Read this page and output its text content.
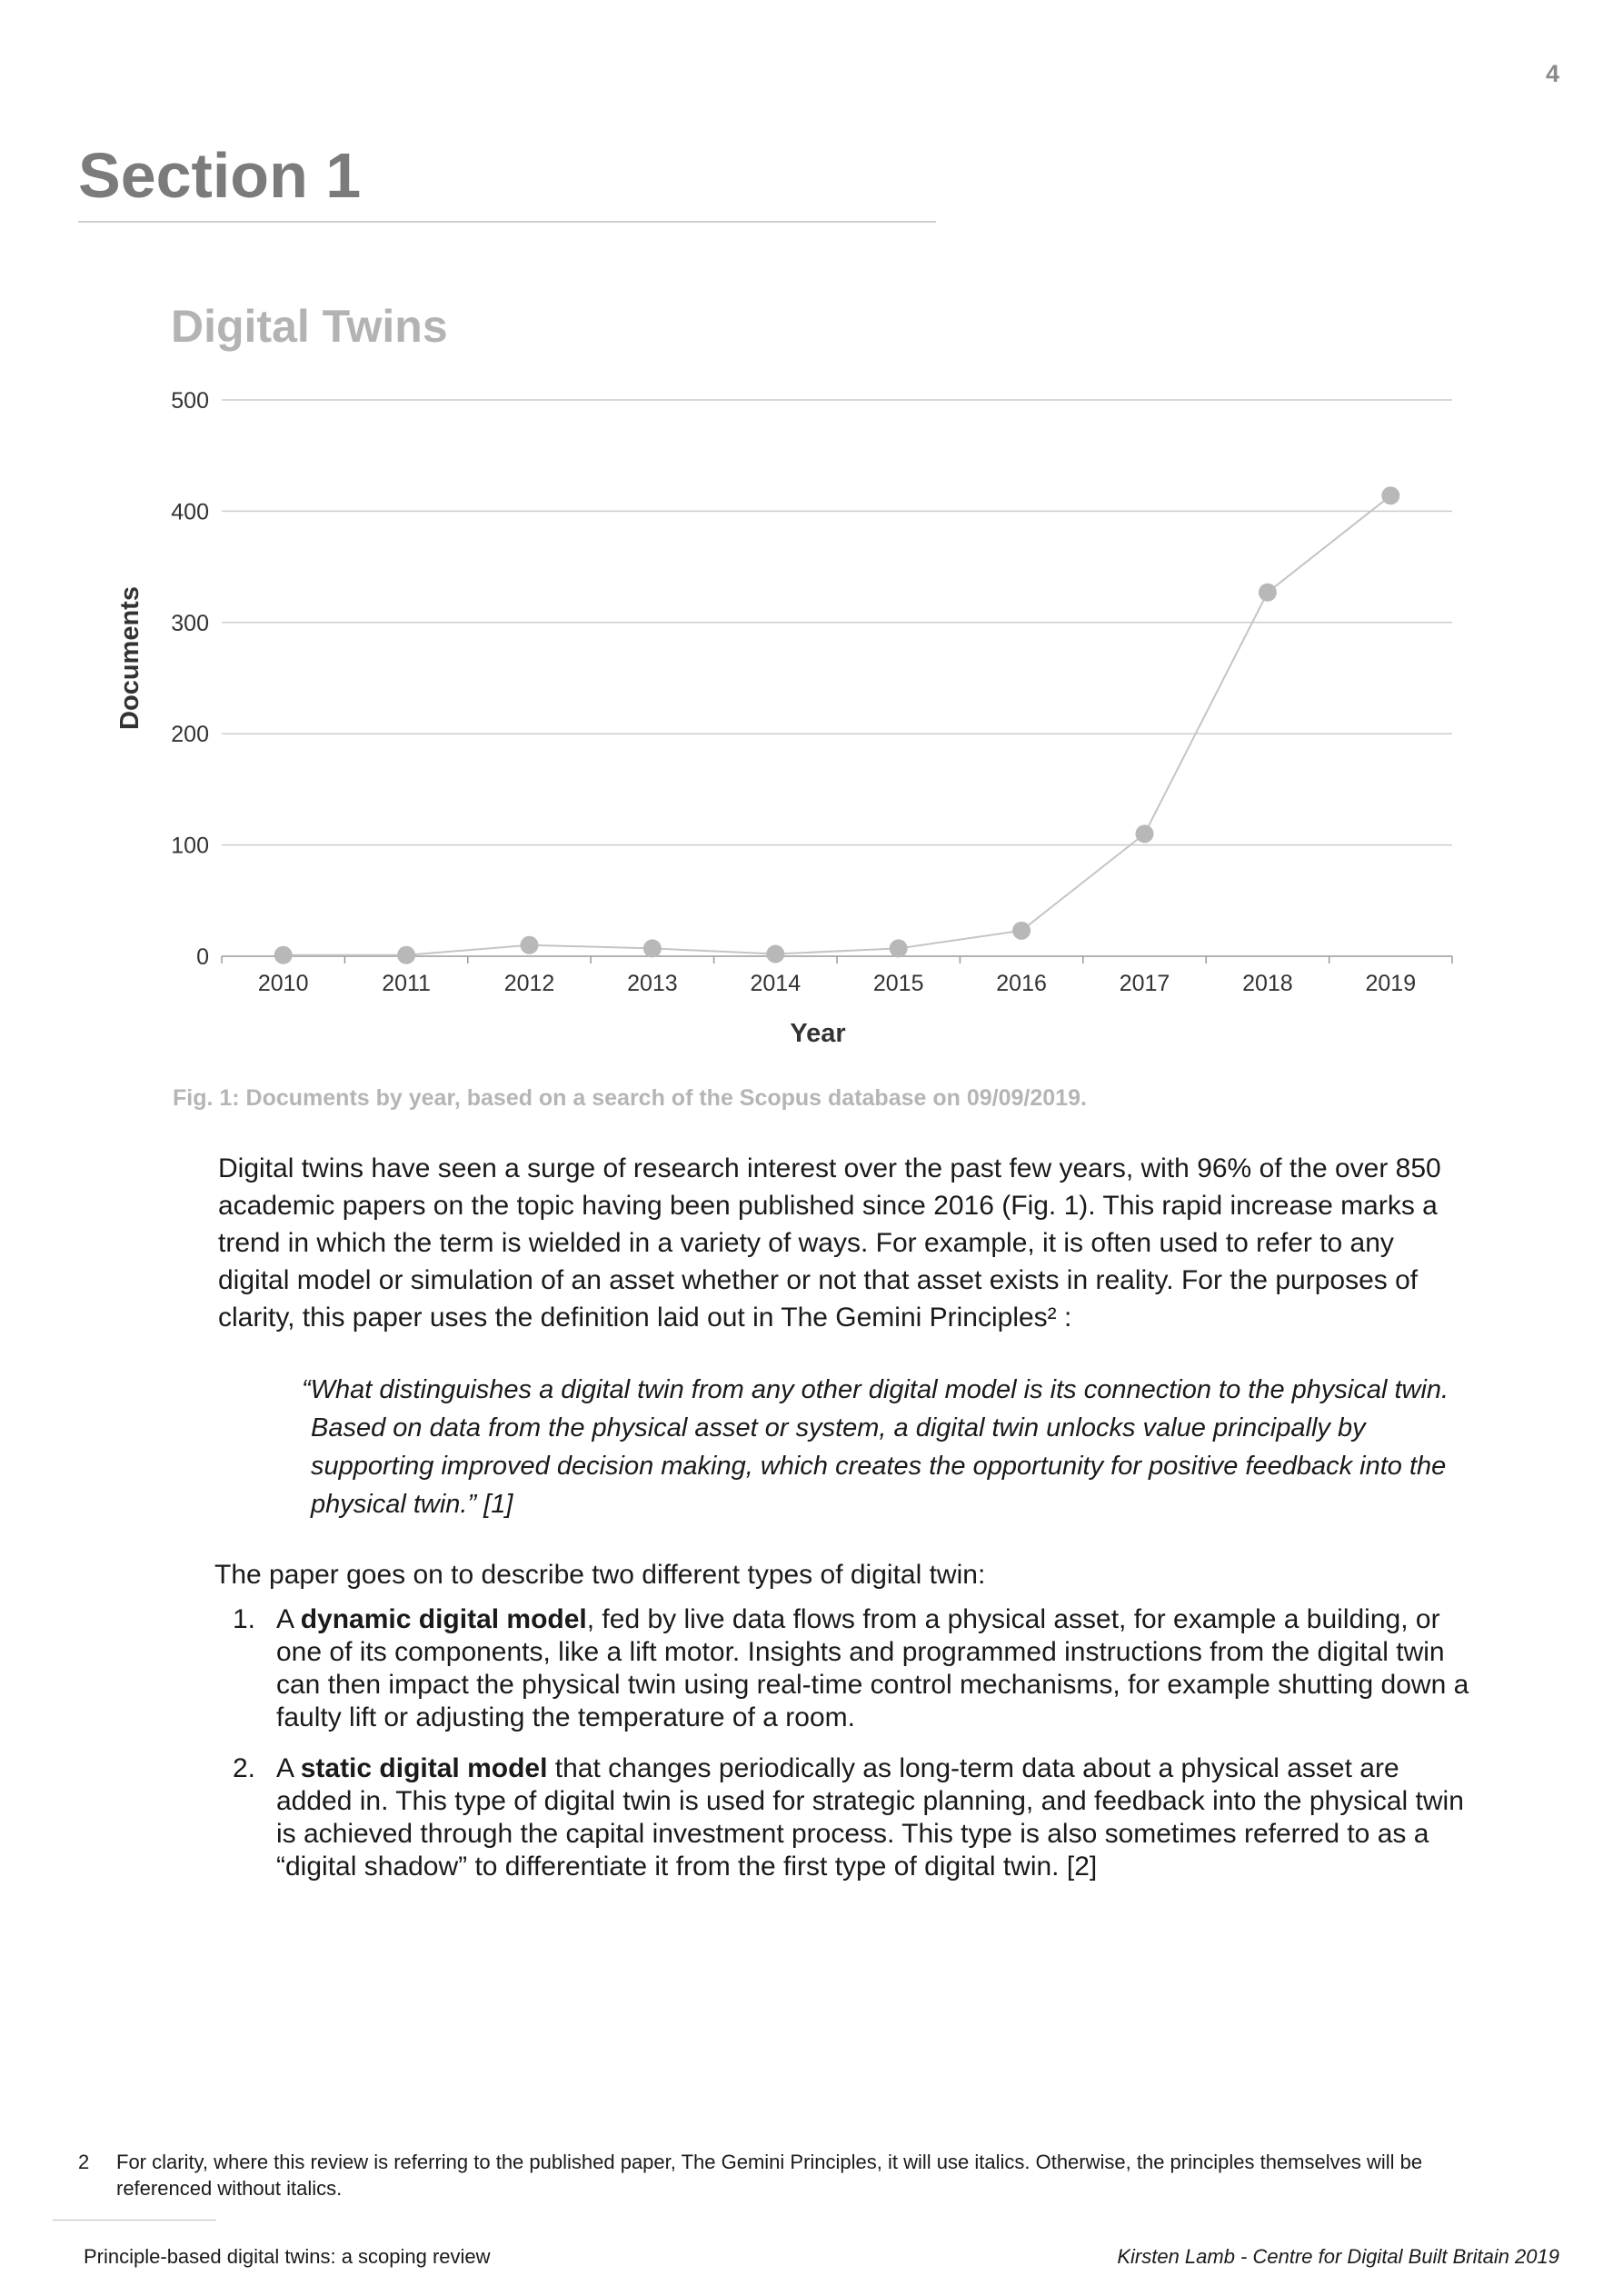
4
Section 1
Digital Twins
0
100
200
300
400
500
2010	2011	2012	2013	2014	2015	2016	2017	2018	2019
Year
Documents

Fig. 1: Documents by year, based on a search of the Scopus database on 09/09/2019.

Digital twins have seen a surge of research interest over the past few years, with 96% of the over 850 academic papers on the topic having been published since 2016 (Fig. 1). This rapid increase marks a trend in which the term is wielded in a variety of ways. For example, it is often used to refer to any digital model or simulation of an asset whether or not that asset exists in reality. For the purposes of clarity, this paper uses the definition laid out in The Gemini Principles² :

“What distinguishes a digital twin from any other digital model is its connection to the physical twin. Based on data from the physical asset or system, a digital twin unlocks value principally by supporting improved decision making, which creates the opportunity for positive feedback into the physical twin.” [1]

The paper goes on to describe two different types of digital twin:

1. A dynamic digital model, fed by live data flows from a physical asset, for example a building, or one of its components, like a lift motor. Insights and programmed instructions from the digital twin can then impact the physical twin using real-time control mechanisms, for example shutting down a faulty lift or adjusting the temperature of a room.
2. A static digital model that changes periodically as long-term data about a physical asset are added in. This type of digital twin is used for strategic planning, and feedback into the physical twin is achieved through the capital investment process. This type is also sometimes referred to as a “digital shadow” to differentiate it from the first type of digital twin. [2]

2	For clarity, where this review is referring to the published paper, The Gemini Principles, it will use italics. Otherwise, the principles themselves will be referenced without italics.

Principle-based digital twins: a scoping review	Kirsten Lamb - Centre for Digital Built Britain 2019
